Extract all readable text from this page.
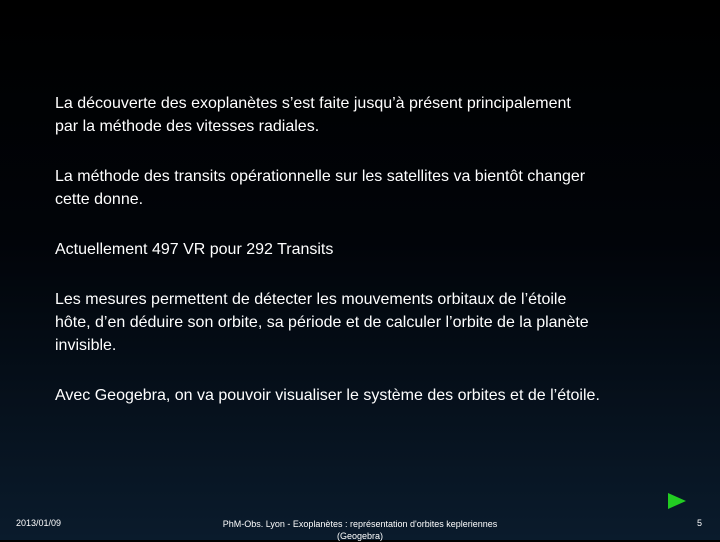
La découverte des exoplanètes s’est faite jusqu’à présent principalement
par la méthode des vitesses radiales.

La méthode des transits opérationnelle sur les satellites va bientôt changer
cette donne.

Actuellement 497 VR pour 292 Transits

Les mesures permettent de détecter les mouvements orbitaux de l’étoile
hôte, d’en déduire son orbite, sa période et de calculer l’orbite de la planète
invisible.

Avec Geogebra, on va pouvoir visualiser le système des orbites et de l’étoile.

2013/01/09	PhM-Obs. Lyon - Exoplanètes : représentation d'orbites kepleriennes
(Geogebra)
5
